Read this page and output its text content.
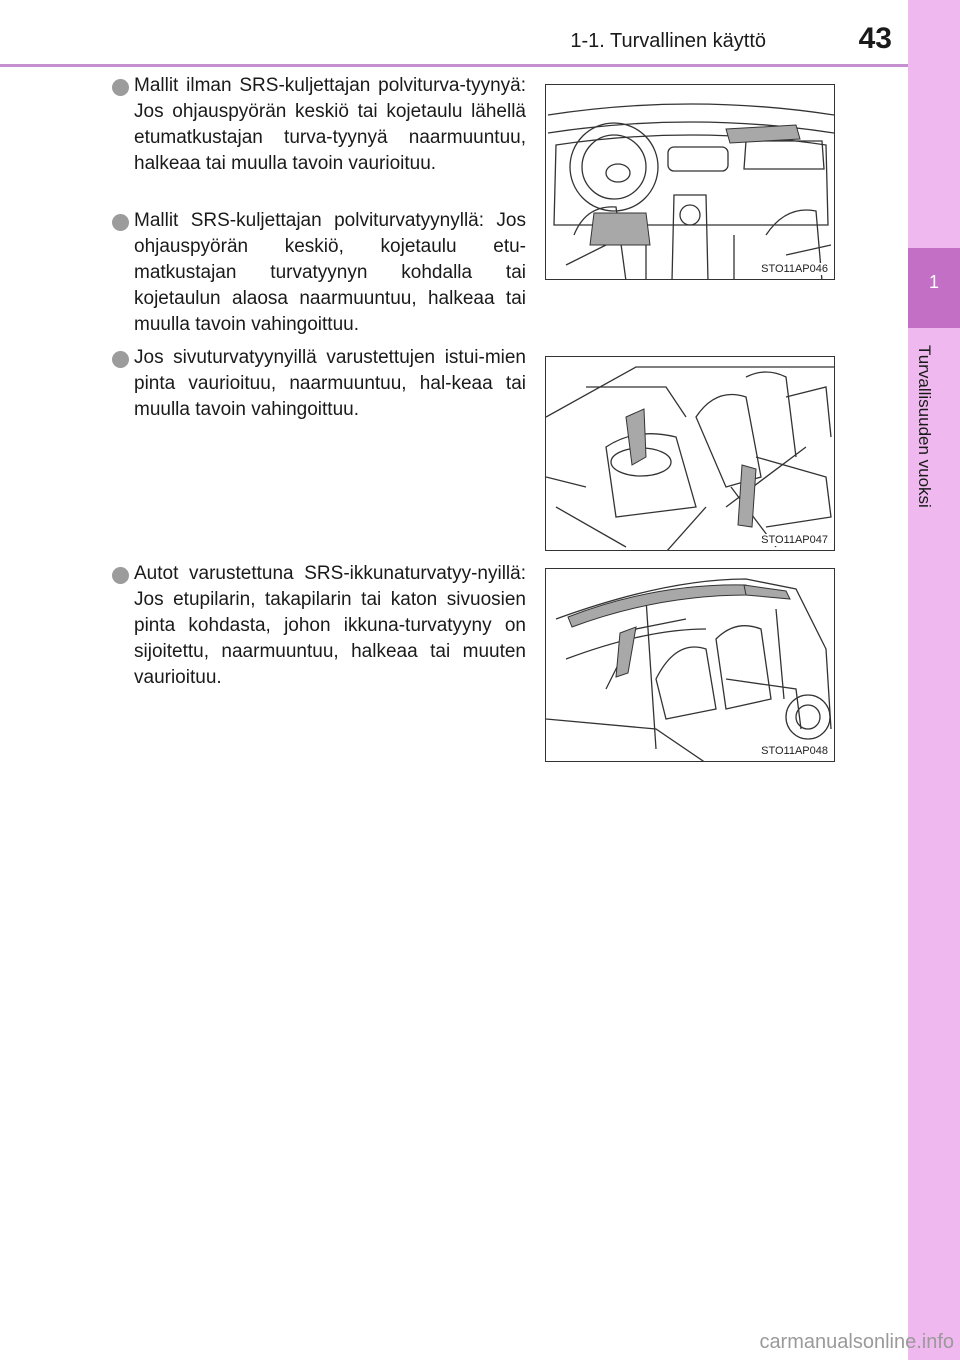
1-1. Turvallinen käyttö	43
1
Turvallisuuden vuoksi

Mallit ilman SRS-kuljettajan polviturva-tyynyä: Jos ohjauspyörän keskiö tai kojetaulu lähellä etumatkustajan turva-tyynyä naarmuuntuu, halkeaa tai muulla tavoin vaurioituu.

Mallit SRS-kuljettajan polviturvatyynyllä: Jos ohjauspyörän keskiö, kojetaulu etu-matkustajan turvatyynyn kohdalla tai kojetaulun alaosa naarmuuntuu, halkeaa tai muulla tavoin vahingoittuu.

Jos sivuturvatyynyillä varustettujen istui-mien pinta vaurioituu, naarmuuntuu, hal-keaa tai muulla tavoin vahingoittuu.

Autot varustettuna SRS-ikkunaturvatyy-nyillä: Jos etupilarin, takapilarin tai katon sivuosien pinta kohdasta, johon ikkuna-turvatyyny on sijoitettu, naarmuuntuu, halkeaa tai muuten vaurioituu.

STO11AP046
STO11AP047
STO11AP048
carmanualsonline.info
